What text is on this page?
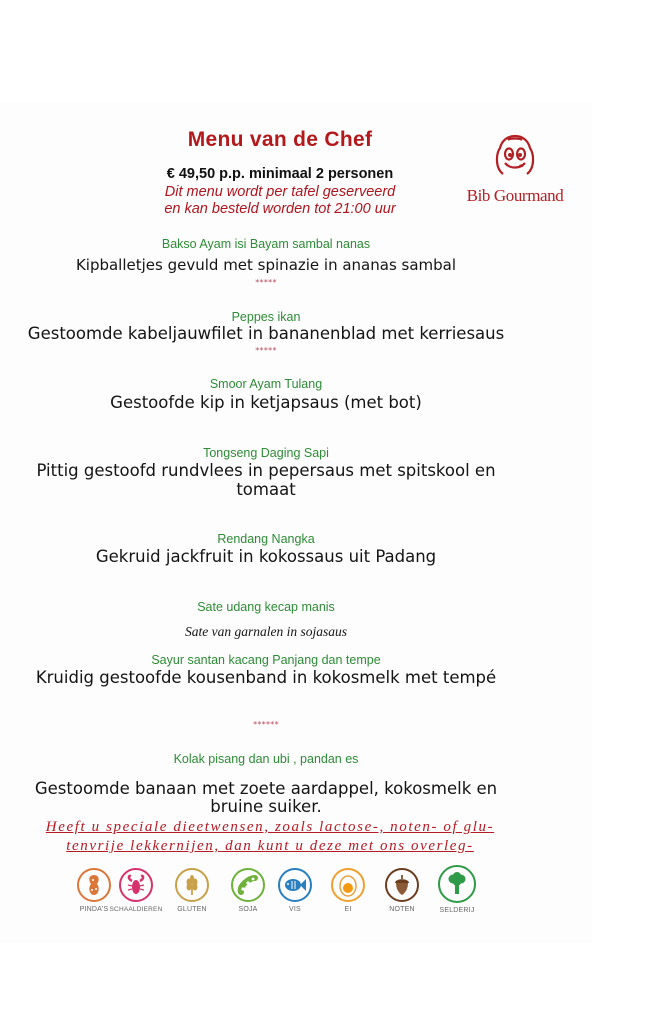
Menu van de Chef
€ 49,50 p.p. minimaal 2 personen
Dit menu wordt per tafel geserveerd
en kan besteld worden tot 21:00 uur
Bib Gourmand
Bakso Ayam isi Bayam sambal nanas
Kipballetjes gevuld met spinazie in ananas sambal
*****
Peppes ikan
Gestoomde kabeljauwfilet in bananenblad met kerriesaus
*****
Smoor Ayam Tulang
Gestoofde kip in ketjapsaus (met bot)
Tongseng Daging Sapi
Pittig gestoofd rundvlees in pepersaus met spitskool en
tomaat
Rendang Nangka
Gekruid jackfruit in kokossaus uit Padang
Sate udang kecap manis
Sate van garnalen in sojasaus
Sayur santan kacang Panjang dan tempe
Kruidig gestoofde kousenband in kokosmelk met tempé
******
Kolak pisang dan ubi , pandan es
Gestoomde banaan met zoete aardappel, kokosmelk en
bruine suiker.
Heeft u speciale dieetwensen, zoals lactose-, noten- of glu-
tenvrije lekkernijen, dan kunt u deze met ons overleg-
PINDA'S SCHAALDIEREN	GLUTEN	SOJA	VIS	EI	NOTEN	SELDERIJ
